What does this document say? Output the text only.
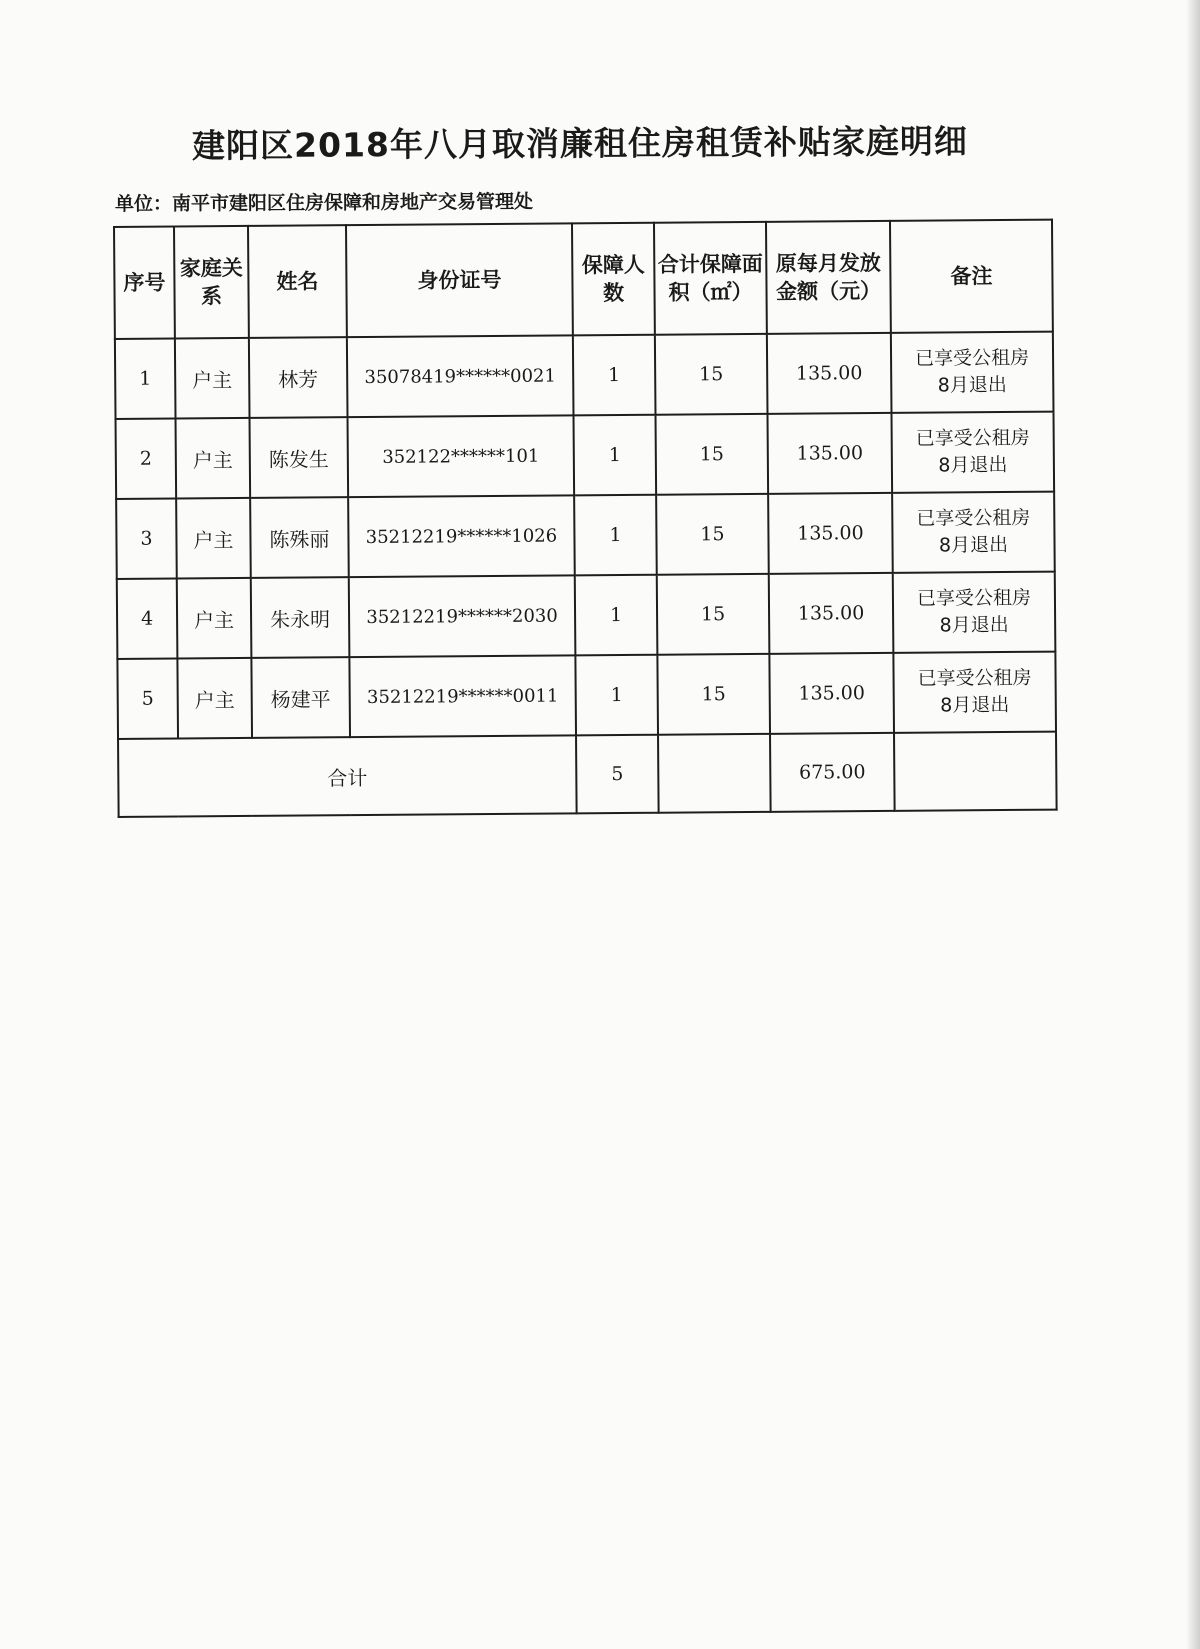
建阳区2018年八月取消廉租住房租赁补贴家庭明细
单位：南平市建阳区住房保障和房地产交易管理处
序号	家庭关系	姓名	身份证号	保障人数	合计保障面积（㎡）	原每月发放金额（元）	备注
1	户主	林芳	35078419******0021	1	15	135.00	已享受公租房
8月退出

2	户主	陈发生	352122******101	1	15	135.00	已享受公租房
8月退出

3	户主	陈殊丽	35212219******1026	1	15	135.00	已享受公租房
8月退出

4	户主	朱永明	35212219******2030	1	15	135.00	已享受公租房
8月退出

5	户主	杨建平	35212219******0011	1	15	135.00	已享受公租房
8月退出

合计				5		675.00	
